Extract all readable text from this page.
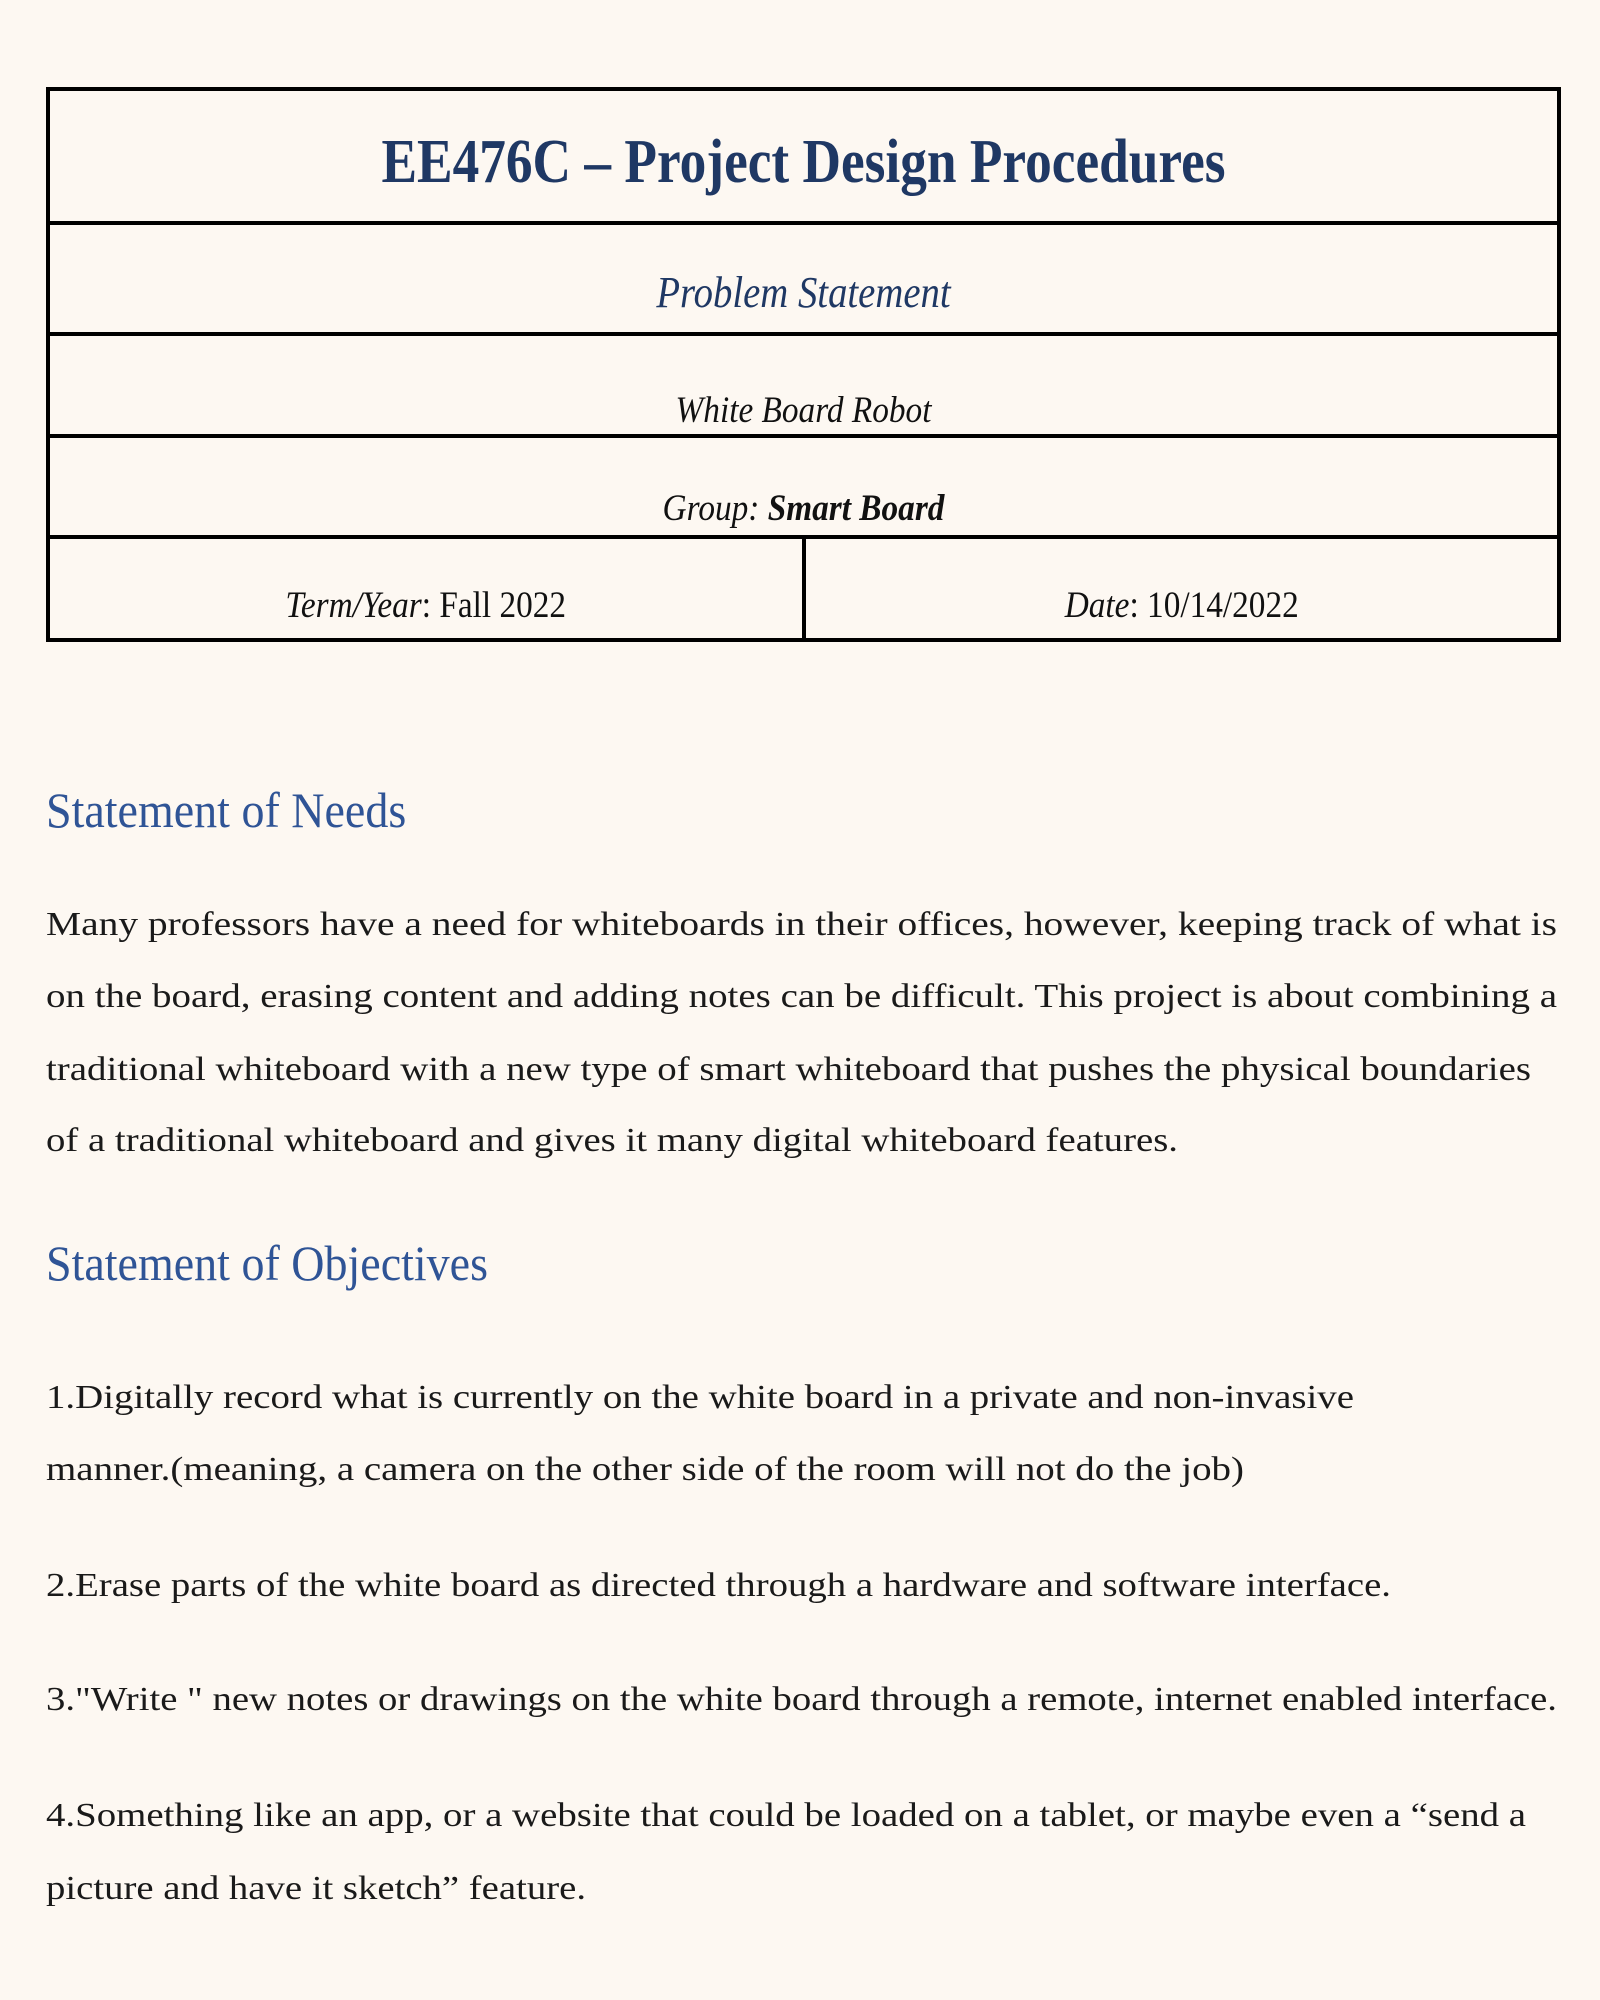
EE476C – Project Design Procedures
Problem Statement
White Board Robot
Group: Smart Board
Term/Year: Fall 2022	Date: 10/14/2022
Statement of Needs
Many professors have a need for whiteboards in their offices, however, keeping track of what is
on the board, erasing content and adding notes can be difficult. This project is about combining a
traditional whiteboard with a new type of smart whiteboard that pushes the physical boundaries
of a traditional whiteboard and gives it many digital whiteboard features.
Statement of Objectives
1.Digitally record what is currently on the white board in a private and non-invasive
manner.(meaning, a camera on the other side of the room will not do the job)
2.Erase parts of the white board as directed through a hardware and software interface.
3."Write " new notes or drawings on the white board through a remote, internet enabled interface.
4.Something like an app, or a website that could be loaded on a tablet, or maybe even a “send a
picture and have it sketch” feature.
